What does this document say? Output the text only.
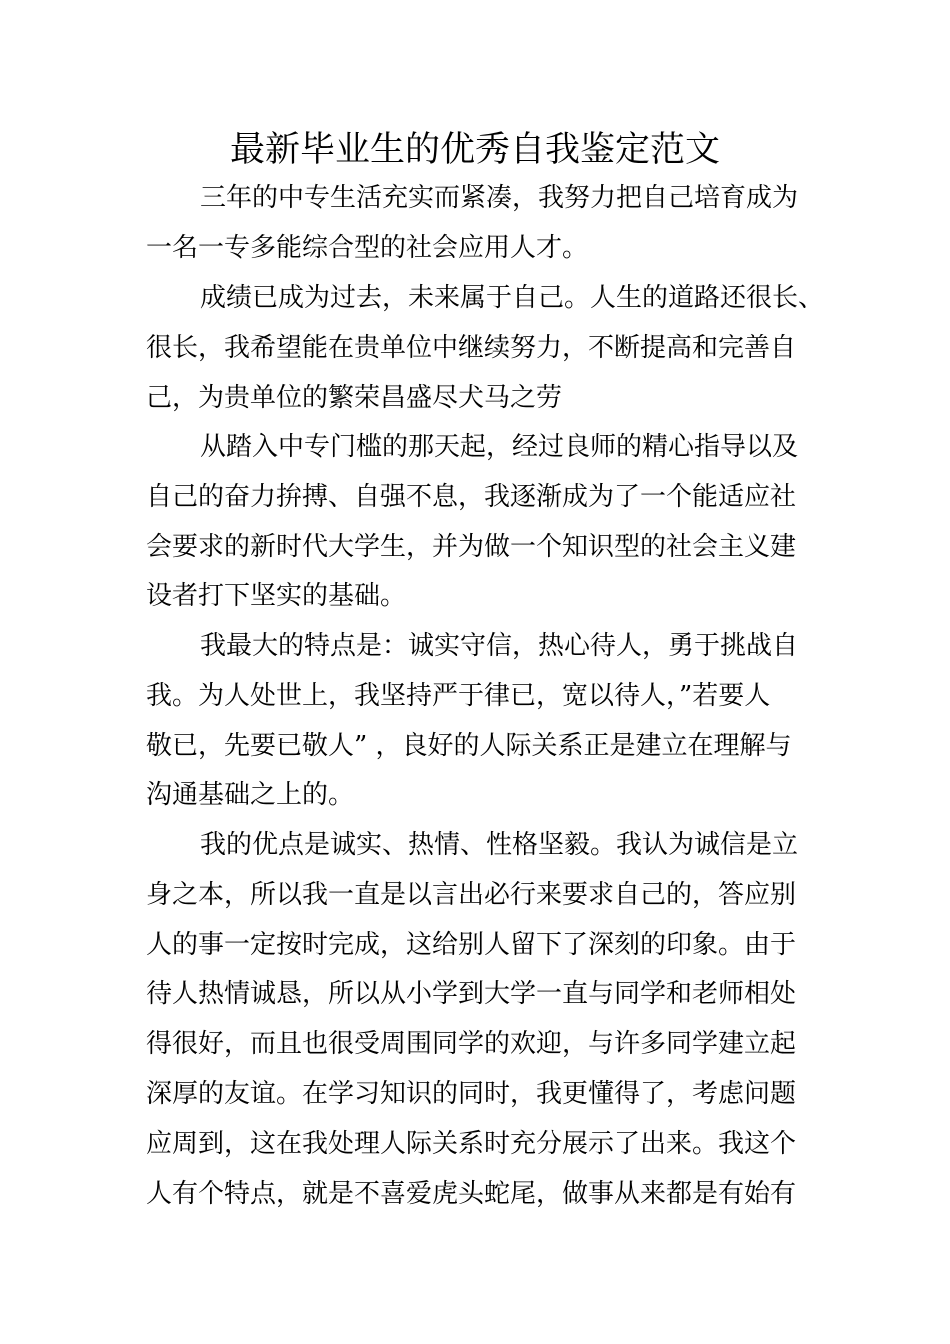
最新毕业生的优秀自我鉴定范文

三年的中专生活充实而紧凑，我努力把自己培育成为
一名一专多能综合型的社会应用人才。

成绩已成为过去，未来属于自己。人生的道路还很长、
很长，我希望能在贵单位中继续努力，不断提高和完善自
己，为贵单位的繁荣昌盛尽犬马之劳

从踏入中专门槛的那天起，经过良师的精心指导以及
自己的奋力拚搏、自强不息，我逐渐成为了一个能适应社
会要求的新时代大学生，并为做一个知识型的社会主义建
设者打下坚实的基础。

我最大的特点是：诚实守信，热心待人，勇于挑战自
我。为人处世上，我坚持严于律已，宽以待人，”若要人
敬已，先要已敬人” ，良好的人际关系正是建立在理解与
沟通基础之上的。

我的优点是诚实、热情、性格坚毅。我认为诚信是立
身之本，所以我一直是以言出必行来要求自己的，答应别
人的事一定按时完成，这给别人留下了深刻的印象。由于
待人热情诚恳，所以从小学到大学一直与同学和老师相处
得很好，而且也很受周围同学的欢迎，与许多同学建立起
深厚的友谊。在学习知识的同时，我更懂得了，考虑问题
应周到，这在我处理人际关系时充分展示了出来。我这个
人有个特点，就是不喜爱虎头蛇尾，做事从来都是有始有
